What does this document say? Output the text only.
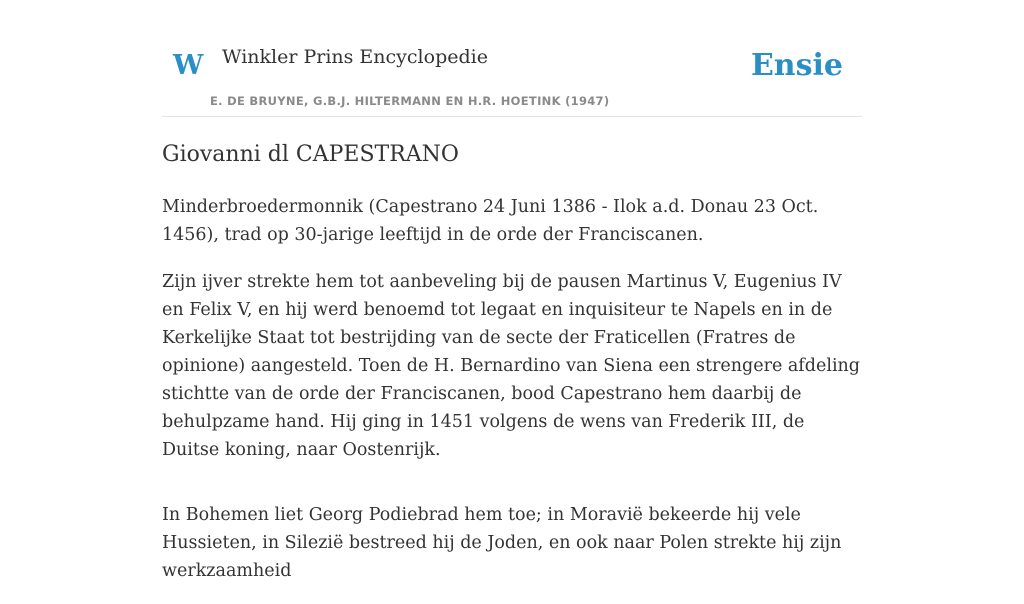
W Winkler Prins Encyclopedie
E. DE BRUYNE, G.B.J. HILTERMANN EN H.R. HOETINK (1947)
Ensie
Giovanni dl CAPESTRANO

Minderbroedermonnik (Capestrano 24 Juni 1386 - Ilok a.d. Donau 23 Oct. 1456), trad op 30-jarige leeftijd in de orde der Franciscanen.

Zijn ijver strekte hem tot aanbeveling bij de pausen Martinus V, Eugenius IV en Felix V, en hij werd benoemd tot legaat en inquisiteur te Napels en in de Kerkelijke Staat tot bestrijding van de secte der Fraticellen (Fratres de opinione) aangesteld. Toen de H. Bernardino van Siena een strengere afdeling stichtte van de orde der Franciscanen, bood Capestrano hem daarbij de behulpzame hand. Hij ging in 1451 volgens de wens van Frederik III, de Duitse koning, naar Oostenrijk.

In Bohemen liet Georg Podiebrad hem toe; in Moravië bekeerde hij vele Hussieten, in Silezië bestreed hij de Joden, en ook naar Polen strekte hij zijn werkzaamheid
